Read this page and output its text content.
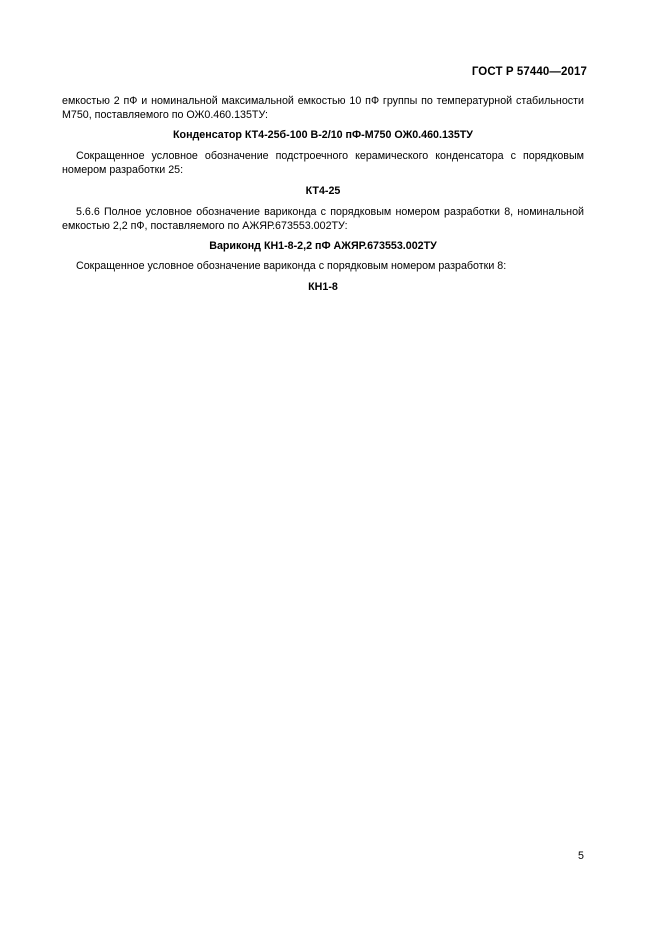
ГОСТ Р 57440—2017

емкостью 2 пФ и номинальной максимальной емкостью 10 пФ группы по температурной стабильности М750, поставляемого по ОЖ0.460.135ТУ:

Конденсатор КТ4-25б-100 В-2/10 пФ-М750 ОЖ0.460.135ТУ

Сокращенное условное обозначение подстроечного керамического конденсатора с порядковым номером разработки 25:

КТ4-25

5.6.6 Полное условное обозначение вариконда с порядковым номером разработки 8, номинальной емкостью 2,2 пФ, поставляемого по АЖЯР.673553.002ТУ:

Вариконд КН1-8-2,2 пФ АЖЯР.673553.002ТУ

Сокращенное условное обозначение вариконда с порядковым номером разработки 8:

КН1-8

5
